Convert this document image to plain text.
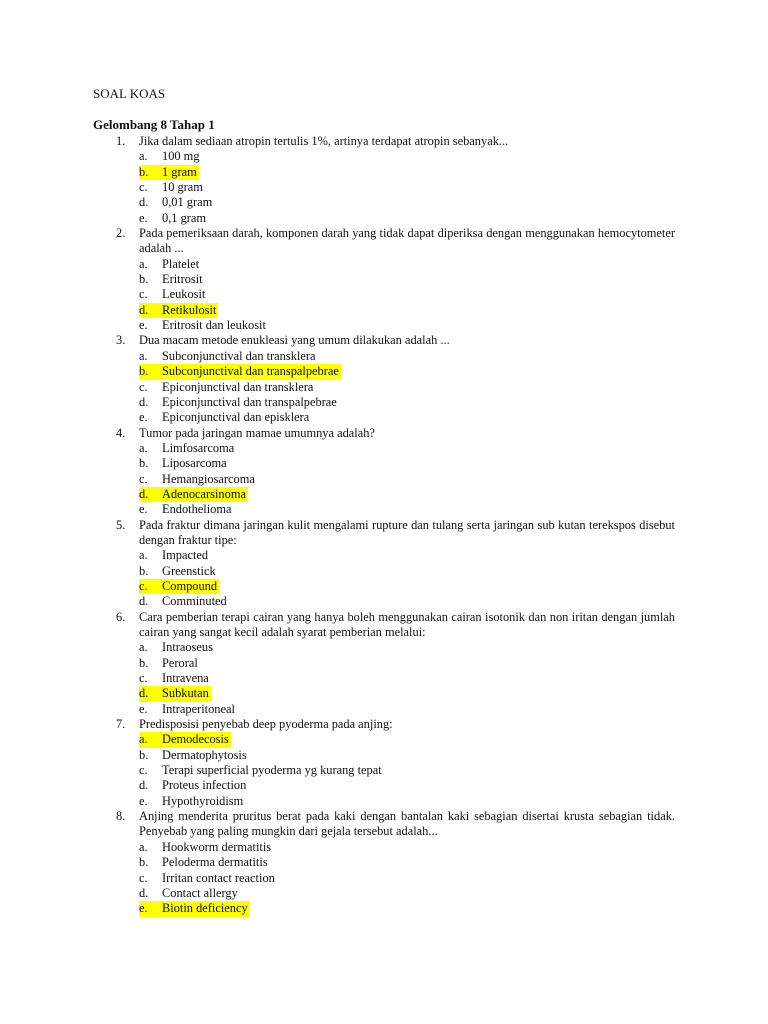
SOAL KOAS
Gelombang 8 Tahap 1
1. Jika dalam sediaan atropin tertulis 1%, artinya terdapat atropin sebanyak...
a. 100 mg
b. 1 gram
c. 10 gram
d. 0,01 gram
e. 0,1 gram
2. Pada pemeriksaan darah, komponen darah yang tidak dapat diperiksa dengan menggunakan hemocytometer adalah ...
a. Platelet
b. Eritrosit
c. Leukosit
d. Retikulosit
e. Eritrosit dan leukosit
3. Dua macam metode enukleasi yang umum dilakukan adalah ...
a. Subconjunctival dan transklera
b. Subconjunctival dan transpalpebrae
c. Epiconjunctival dan transklera
d. Epiconjunctival dan transpalpebrae
e. Epiconjunctival dan episklera
4. Tumor pada jaringan mamae umumnya adalah?
a. Limfosarcoma
b. Liposarcoma
c. Hemangiosarcoma
d. Adenocarsinoma
e. Endothelioma
5. Pada fraktur dimana jaringan kulit mengalami rupture dan tulang serta jaringan sub kutan terekspos disebut dengan fraktur tipe:
a. Impacted
b. Greenstick
c. Compound
d. Comminuted
6. Cara pemberian terapi cairan yang hanya boleh menggunakan cairan isotonik dan non iritan dengan jumlah cairan yang sangat kecil adalah syarat pemberian melalui:
a. Intraoseus
b. Peroral
c. Intravena
d. Subkutan
e. Intraperitoneal
7. Predisposisi penyebab deep pyoderma pada anjing:
a. Demodecosis
b. Dermatophytosis
c. Terapi superficial pyoderma yg kurang tepat
d. Proteus infection
e. Hypothyroidism
8. Anjing menderita pruritus berat pada kaki dengan bantalan kaki sebagian disertai krusta sebagian tidak. Penyebab yang paling mungkin dari gejala tersebut adalah...
a. Hookworm dermatitis
b. Peloderma dermatitis
c. Irritan contact reaction
d. Contact allergy
e. Biotin deficiency
